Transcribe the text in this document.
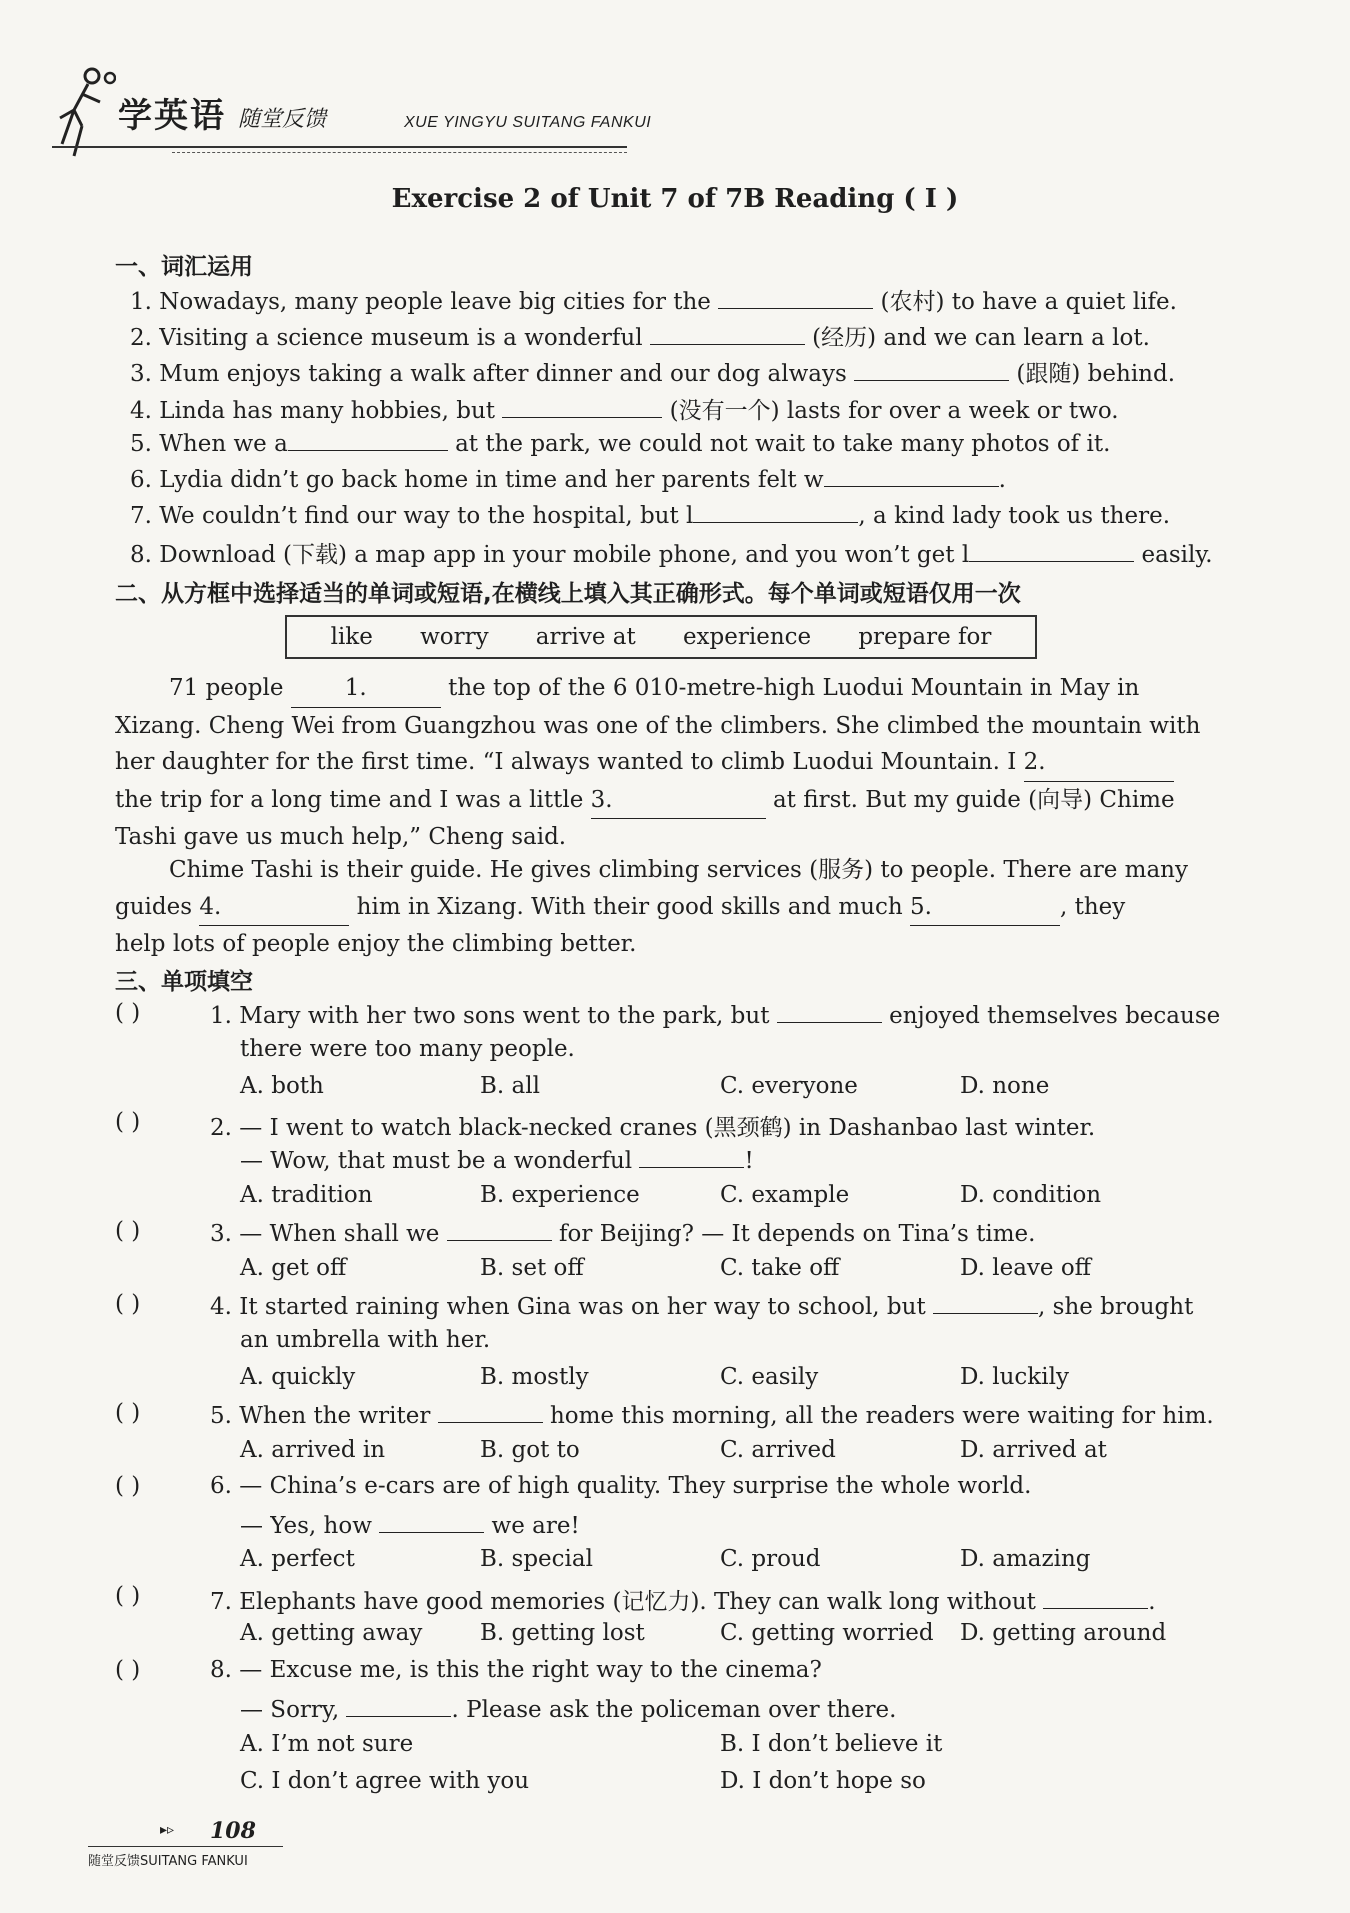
学英语 随堂反馈	XUE YINGYU SUITANG FANKUI
Exercise 2 of Unit 7 of 7B Reading ( Ⅰ )
一、词汇运用
1. Nowadays, many people leave big cities for the	(农村) to have a quiet life.
2. Visiting a science museum is a wonderful	(经历) and we can learn a lot.
3. Mum enjoys taking a walk after dinner and our dog always	(跟随) behind.
4. Linda has many hobbies, but	(没有一个) lasts for over a week or two.
5. When we a	at the park, we could not wait to take many photos of it.
6. Lydia didn’t go back home in time and her parents felt w	.
7. We couldn’t find our way to the hospital, but l	, a kind lady took us there.
8. Download (下载) a map app in your mobile phone, and you won’t get l	easily.
二、从方框中选择适当的单词或短语,在横线上填入其正确形式。每个单词或短语仅用一次
like worry arrive at experience prepare for

71 people	1.	the top of the 6 010-metre-high Luodui Mountain in May in

Xizang. Cheng Wei from Guangzhou was one of the climbers. She climbed the mountain with

her daughter for the first time. “I always wanted to climb Luodui Mountain. I 2.

the trip for a long time and I was a little 3.	at first. But my guide (向导) Chime

Tashi gave us much help,” Cheng said.

Chime Tashi is their guide. He gives climbing services (服务) to people. There are many

guides 4.	him in Xizang. With their good skills and much 5.	, they

help lots of people enjoy the climbing better.

三、单项填空
( )	1. Mary with her two sons went to the park, but	enjoyed themselves because
there were too many people.
A. both	B. all	C. everyone	D. none
( )	2. — I went to watch black-necked cranes (黑颈鹤) in Dashanbao last winter.
— Wow, that must be a wonderful	!
A. tradition	B. experience	C. example	D. condition
( )	3. — When shall we	for Beijing? — It depends on Tina’s time.
A. get off	B. set off	C. take off	D. leave off
( )	4. It started raining when Gina was on her way to school, but	, she brought
an umbrella with her.
A. quickly	B. mostly	C. easily	D. luckily
( )	5. When the writer	home this morning, all the readers were waiting for him.
A. arrived in	B. got to	C. arrived	D. arrived at
( )	6. — China’s e-cars are of high quality. They surprise the whole world.
— Yes, how	we are!
A. perfect	B. special	C. proud	D. amazing
( )	7. Elephants have good memories (记忆力). They can walk long without	.
A. getting away	B. getting lost	C. getting worried D. getting around
( )	8. — Excuse me, is this the right way to the cinema?
— Sorry,	. Please ask the policeman over there.
A. I’m not sure	B. I don’t believe it
C. I don’t agree with you	D. I don’t hope so
▸▹ 108
随堂反馈SUITANG FANKUI
